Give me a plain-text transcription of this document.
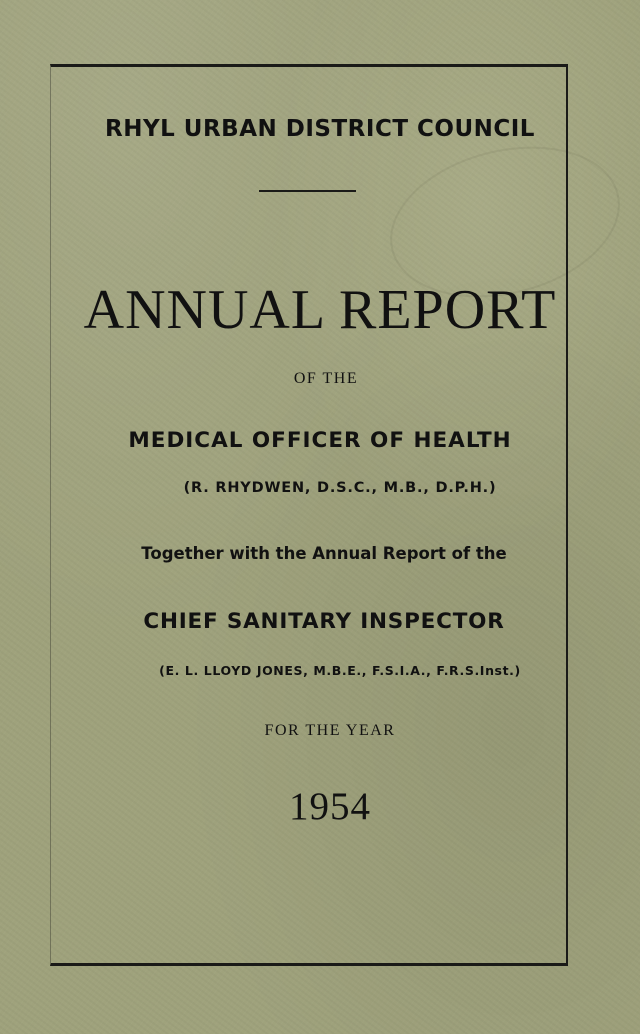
RHYL URBAN DISTRICT COUNCIL
ANNUAL REPORT
OF THE
MEDICAL OFFICER OF HEALTH
(R. RHYDWEN, D.S.C., M.B., D.P.H.)
Together with the Annual Report of the
CHIEF SANITARY INSPECTOR
(E. L. LLOYD JONES, M.B.E., F.S.I.A., F.R.S.Inst.)
FOR THE YEAR
1954
